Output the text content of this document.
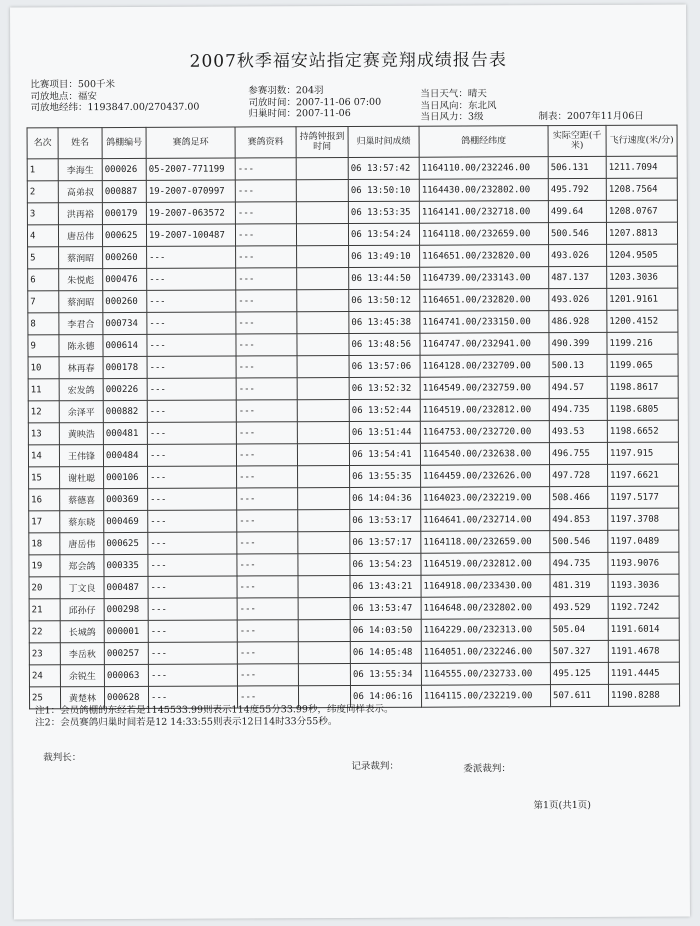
2007秋季福安站指定赛竞翔成绩报告表
比赛项目：500千米
司放地点：福安
司放地经纬：1193847.00/270437.00
参赛羽数：204羽
司放时间：2007-11-06 07:00
归巢时间：2007-11-06
当日天气：晴天
当日风向：东北风
当日风力：3级	制表：2007年11月06日
名次	姓名	鸽棚编号	赛鸽足环	赛鸽资料	持鸽钟报到时间	归巢时间成绩	鸽棚经纬度	实际空距(千米)	飞行速度(米/分)
1	李海生	000026	05-2007-771199	---		06 13:57:42	1164110.00/232246.00	506.131	1211.7094
2	高弟叔	000887	19-2007-070997	---		06 13:50:10	1164430.00/232802.00	495.792	1208.7564
3	洪再裕	000179	19-2007-063572	---		06 13:53:35	1164141.00/232718.00	499.64	1208.0767
4	唐岳伟	000625	19-2007-100487	---		06 13:54:24	1164118.00/232659.00	500.546	1207.8813
5	蔡润昭	000260	---	---		06 13:49:10	1164651.00/232820.00	493.026	1204.9505
6	朱悦彪	000476	---	---		06 13:44:50	1164739.00/233143.00	487.137	1203.3036
7	蔡润昭	000260	---	---		06 13:50:12	1164651.00/232820.00	493.026	1201.9161
8	李君合	000734	---	---		06 13:45:38	1164741.00/233150.00	486.928	1200.4152
9	陈永德	000614	---	---		06 13:48:56	1164747.00/232941.00	490.399	1199.216
10	林再春	000178	---	---		06 13:57:06	1164128.00/232709.00	500.13	1199.065
11	宏发鸽	000226	---	---		06 13:52:32	1164549.00/232759.00	494.57	1198.8617
12	余泽平	000882	---	---		06 13:52:44	1164519.00/232812.00	494.735	1198.6805
13	黄映浩	000481	---	---		06 13:51:44	1164753.00/232720.00	493.53	1198.6652
14	王伟锋	000484	---	---		06 13:54:41	1164540.00/232638.00	496.755	1197.915
15	谢杜聪	000106	---	---		06 13:55:35	1164459.00/232626.00	497.728	1197.6621
16	蔡德喜	000369	---	---		06 14:04:36	1164023.00/232219.00	508.466	1197.5177
17	蔡东晓	000469	---	---		06 13:53:17	1164641.00/232714.00	494.853	1197.3708
18	唐岳伟	000625	---	---		06 13:57:17	1164118.00/232659.00	500.546	1197.0489
19	郑会鸽	000335	---	---		06 13:54:23	1164519.00/232812.00	494.735	1193.9076
20	丁文良	000487	---	---		06 13:43:21	1164918.00/233430.00	481.319	1193.3036
21	邱孙仔	000298	---	---		06 13:53:47	1164648.00/232802.00	493.529	1192.7242
22	长城鸽	000001	---	---		06 14:03:50	1164229.00/232313.00	505.04	1191.6014
23	李岳秋	000257	---	---		06 14:05:48	1164051.00/232246.00	507.327	1191.4678
24	余锐生	000063	---	---		06 13:55:34	1164555.00/232733.00	495.125	1191.4445
25	黄楚林	000628	---	---		06 14:06:16	1164115.00/232219.00	507.611	1190.8288
注1：会员鸽棚的东经若是1145533.99则表示114度55分33.99秒，纬度同样表示。
注2：会员赛鸽归巢时间若是12 14:33:55则表示12日14时33分55秒。
裁判长：
记录裁判：	委派裁判：
第1页(共1页)
